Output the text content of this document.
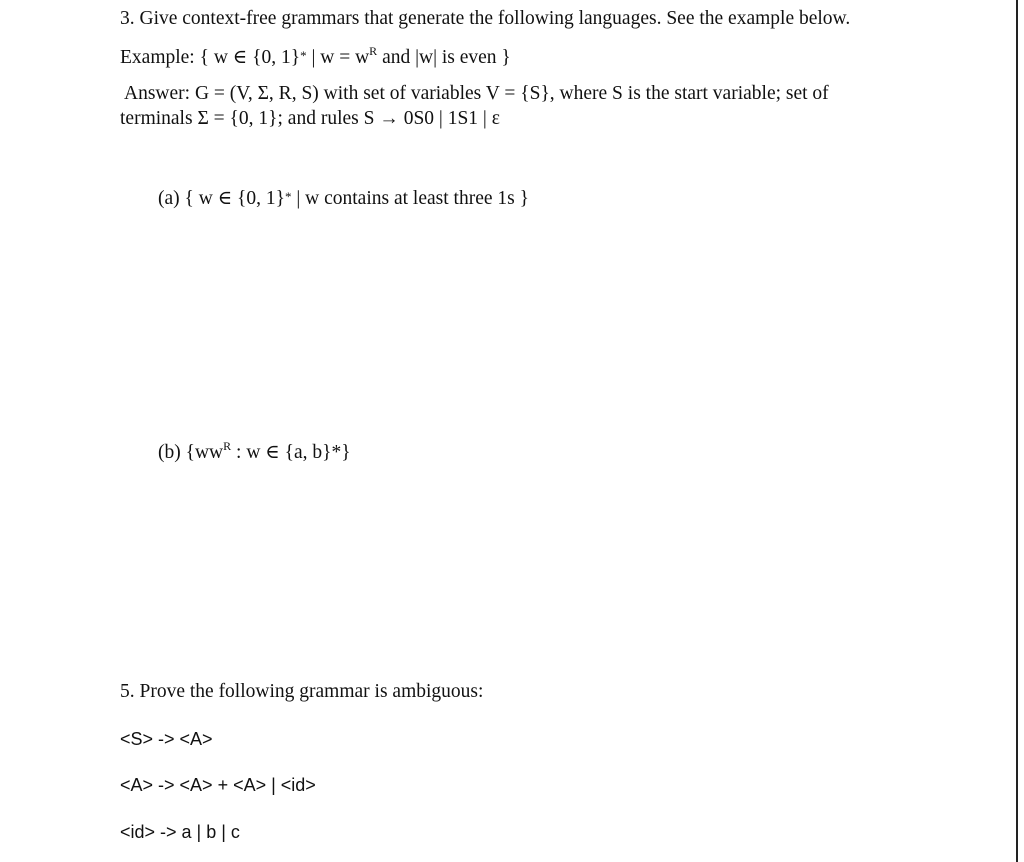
3. Give context-free grammars that generate the following languages. See the example below.
Example: { w ∈ {0, 1}* | $w = w^R$ and |w| is even }
Answer: G = (V, Σ, R, S) with set of variables V = {S}, where S is the start variable; set of
terminals Σ = {0, 1}; and rules S → 0S0 | 1S1 | ε
(a) { w ∈ {0, 1}* | w contains at least three 1s }
(b) {$ww^R$ : w ∈ {a, b}*}
5. Prove the following grammar is ambiguous:
<S> -> <A>
<A> -> <A> + <A> | <id>
<id> -> a | b | c
